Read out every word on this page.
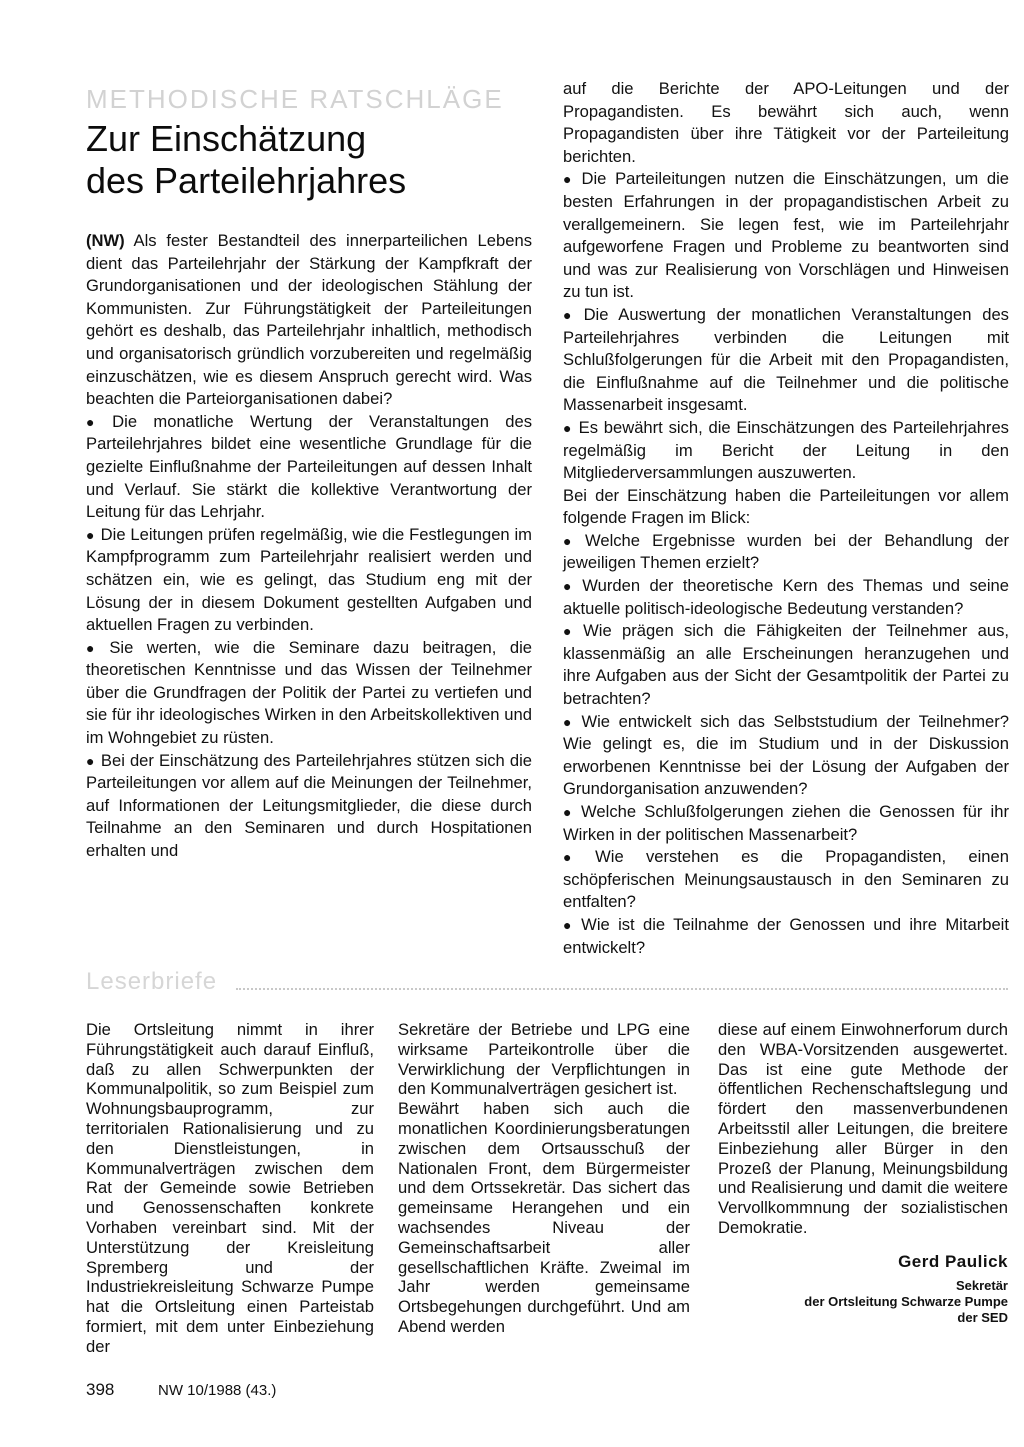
METHODISCHE RATSCHLÄGE
Zur Einschätzung
des Parteilehrjahres

(NW) Als fester Bestandteil des innerparteilichen Lebens dient das Parteilehrjahr der Stärkung der Kampfkraft der Grundorganisationen und der ideologischen Stählung der Kommunisten. Zur Führungstätigkeit der Parteileitungen gehört es deshalb, das Parteilehrjahr inhaltlich, methodisch und organisatorisch gründlich vorzubereiten und regelmäßig einzuschätzen, wie es diesem Anspruch gerecht wird. Was beachten die Parteiorganisationen dabei?

● Die monatliche Wertung der Veranstaltungen des Parteilehrjahres bildet eine wesentliche Grundlage für die gezielte Einflußnahme der Parteileitungen auf dessen Inhalt und Verlauf. Sie stärkt die kollektive Verantwortung der Leitung für das Lehrjahr.

● Die Leitungen prüfen regelmäßig, wie die Festlegungen im Kampfprogramm zum Parteilehrjahr realisiert werden und schätzen ein, wie es gelingt, das Studium eng mit der Lösung der in diesem Dokument gestellten Aufgaben und aktuellen Fragen zu verbinden.

● Sie werten, wie die Seminare dazu beitragen, die theoretischen Kenntnisse und das Wissen der Teilnehmer über die Grundfragen der Politik der Partei zu vertiefen und sie für ihr ideologisches Wirken in den Arbeitskollektiven und im Wohngebiet zu rüsten.

● Bei der Einschätzung des Parteilehrjahres stützen sich die Parteileitungen vor allem auf die Meinungen der Teilnehmer, auf Informationen der Leitungsmitglieder, die diese durch Teilnahme an den Seminaren und durch Hospitationen erhalten und

auf die Berichte der APO-Leitungen und der Propagandisten. Es bewährt sich auch, wenn Propagandisten über ihre Tätigkeit vor der Parteileitung berichten.

● Die Parteileitungen nutzen die Einschätzungen, um die besten Erfahrungen in der propagandistischen Arbeit zu verallgemeinern. Sie legen fest, wie im Parteilehrjahr aufgeworfene Fragen und Probleme zu beantworten sind und was zur Realisierung von Vorschlägen und Hinweisen zu tun ist.

● Die Auswertung der monatlichen Veranstaltungen des Parteilehrjahres verbinden die Leitungen mit Schlußfolgerungen für die Arbeit mit den Propagandisten, die Einflußnahme auf die Teilnehmer und die politische Massenarbeit insgesamt.

● Es bewährt sich, die Einschätzungen des Parteilehrjahres regelmäßig im Bericht der Leitung in den Mitgliederversammlungen auszuwerten.

Bei der Einschätzung haben die Parteileitungen vor allem folgende Fragen im Blick:

● Welche Ergebnisse wurden bei der Behandlung der jeweiligen Themen erzielt?

● Wurden der theoretische Kern des Themas und seine aktuelle politisch-ideologische Bedeutung verstanden?

● Wie prägen sich die Fähigkeiten der Teilnehmer aus, klassenmäßig an alle Erscheinungen heranzugehen und ihre Aufgaben aus der Sicht der Gesamtpolitik der Partei zu betrachten?

● Wie entwickelt sich das Selbststudium der Teilnehmer? Wie gelingt es, die im Studium und in der Diskussion erworbenen Kenntnisse bei der Lösung der Aufgaben der Grundorganisation anzuwenden?

● Welche Schlußfolgerungen ziehen die Genossen für ihr Wirken in der politischen Massenarbeit?

● Wie verstehen es die Propagandisten, einen schöpferischen Meinungsaustausch in den Seminaren zu entfalten?

● Wie ist die Teilnahme der Genossen und ihre Mitarbeit entwickelt?

Leserbriefe

Die Ortsleitung nimmt in ihrer Führungstätigkeit auch darauf Einfluß, daß zu allen Schwerpunkten der Kommunalpolitik, so zum Beispiel zum Wohnungsbauprogramm, zur territorialen Rationalisierung und zu den Dienstleistungen, in Kommunalverträgen zwischen dem Rat der Gemeinde sowie Betrieben und Genossenschaften konkrete Vorhaben vereinbart sind. Mit der Unterstützung der Kreisleitung Spremberg und der Industriekreisleitung Schwarze Pumpe hat die Ortsleitung einen Parteistab formiert, mit dem unter Einbeziehung der

Sekretäre der Betriebe und LPG eine wirksame Parteikontrolle über die Verwirklichung der Verpflichtungen in den Kommunalverträgen gesichert ist.

Bewährt haben sich auch die monatlichen Koordinierungsberatungen zwischen dem Ortsausschuß der Nationalen Front, dem Bürgermeister und dem Ortssekretär. Das sichert das gemeinsame Herangehen und ein wachsendes Niveau der Gemeinschaftsarbeit aller gesellschaftlichen Kräfte. Zweimal im Jahr werden gemeinsame Ortsbegehungen durchgeführt. Und am Abend werden

diese auf einem Einwohnerforum durch den WBA-Vorsitzenden ausgewertet. Das ist eine gute Methode der öffentlichen Rechenschaftslegung und fördert den massenverbundenen Arbeitsstil aller Leitungen, die breitere Einbeziehung aller Bürger in den Prozeß der Planung, Meinungsbildung und Realisierung und damit die weitere Vervollkommnung der sozialistischen Demokratie.

Gerd Paulick
Sekretär
der Ortsleitung Schwarze Pumpe
der SED
398	NW 10/1988 (43.)
